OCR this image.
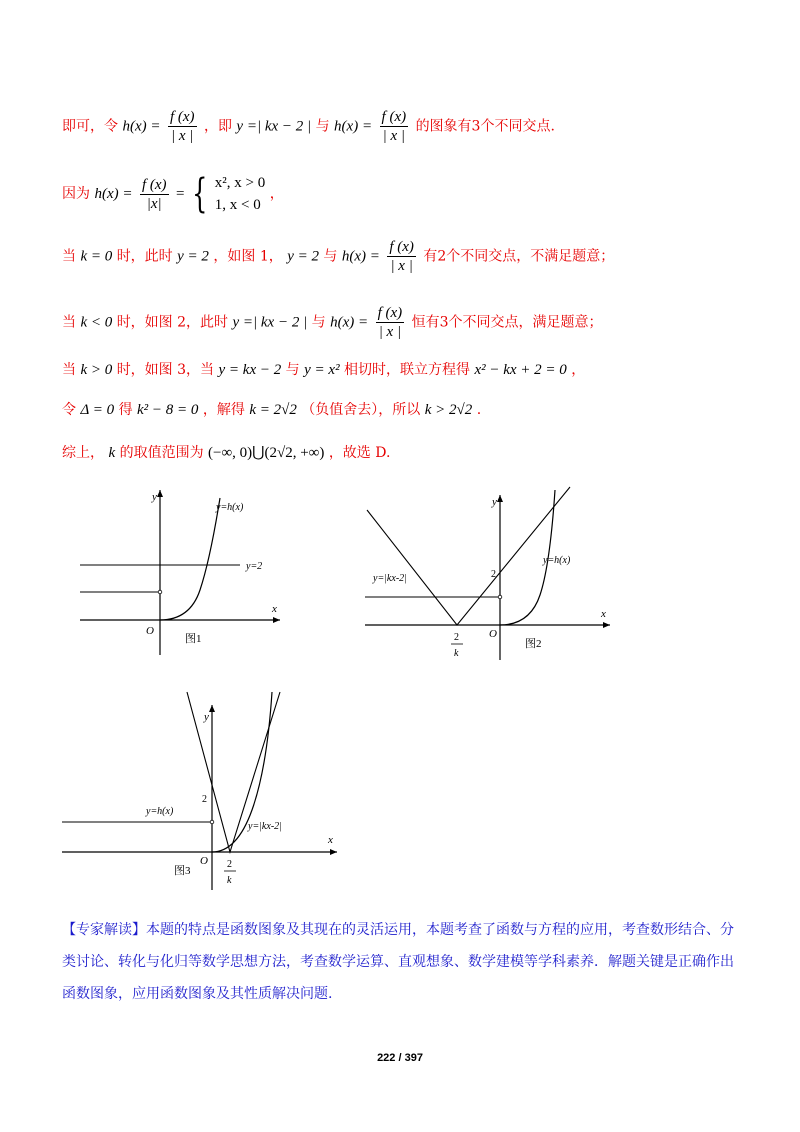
即可，令 $h(x) = \frac{f (x)}{| x |}$ ，即 y =| kx − 2 | 与 $h(x) = \frac{f (x)}{| x |}$ 的图象有3个不同交点.
因为 $h(x) = \frac{f (x)}{|x|}$ = { x², x > 0
1, x < 0
，
当 k = 0 时，此时 y = 2 ，如图 1， y = 2 与 $h(x) = \frac{f (x)}{| x |}$ 有2个不同交点，不满足题意；
当 k < 0 时，如图 2，此时 y =| kx − 2 | 与 $h(x) = \frac{f (x)}{| x |}$ 恒有3个不同交点，满足题意；
当 k > 0 时，如图 3，当 y = kx − 2 与 y = x² 相切时，联立方程得 x² − kx + 2 = 0 ，
令 Δ = 0 得 k² − 8 = 0 ，解得 k = 2√2 （负值舍去），所以 k > 2√2 .
综上， k 的取值范围为 (−∞, 0)⋃(2√2, +∞) ，故选 D.
y
x
O
y=2
y=h(x)
图1
y
x
O
2
y=|kx-2|
y=h(x)
2
k
图2
y
x
O
2
y=h(x)
y=|kx-2|
2
k
图3
【专家解读】本题的特点是函数图象及其现在的灵活运用，本题考查了函数与方程的应用，考查数形结合、分类讨论、转化与化归等数学思想方法，考查数学运算、直观想象、数学建模等学科素养．解题关键是正确作出函数图象，应用函数图象及其性质解决问题.
222 / 397
